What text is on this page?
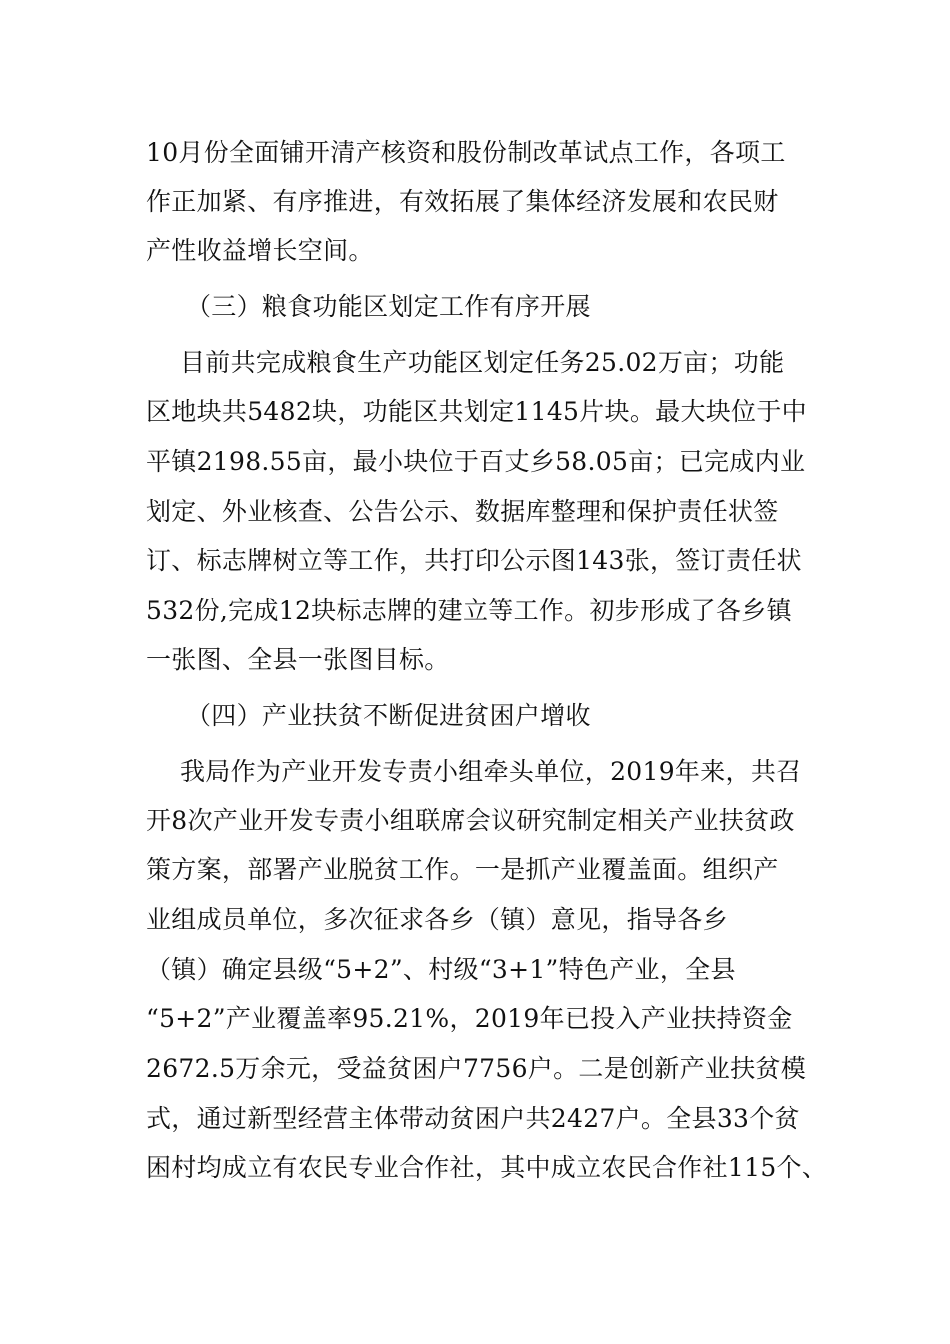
10月份全面铺开清产核资和股份制改革试点工作，各项工
作正加紧、有序推进，有效拓展了集体经济发展和农民财
产性收益增长空间。
（三）粮食功能区划定工作有序开展
目前共完成粮食生产功能区划定任务25.02万亩；功能
区地块共5482块，功能区共划定1145片块。最大块位于中
平镇2198.55亩，最小块位于百丈乡58.05亩；已完成内业
划定、外业核查、公告公示、数据库整理和保护责任状签
订、标志牌树立等工作，共打印公示图143张，签订责任状
532份,完成12块标志牌的建立等工作。初步形成了各乡镇
一张图、全县一张图目标。
（四）产业扶贫不断促进贫困户增收
我局作为产业开发专责小组牵头单位，2019年来，共召
开8次产业开发专责小组联席会议研究制定相关产业扶贫政
策方案，部署产业脱贫工作。一是抓产业覆盖面。组织产
业组成员单位，多次征求各乡（镇）意见，指导各乡
（镇）确定县级“5+2”、村级“3+1”特色产业，全县
“5+2”产业覆盖率95.21%，2019年已投入产业扶持资金
2672.5万余元，受益贫困户7756户。二是创新产业扶贫模
式，通过新型经营主体带动贫困户共2427户。全县33个贫
困村均成立有农民专业合作社，其中成立农民合作社115个、
